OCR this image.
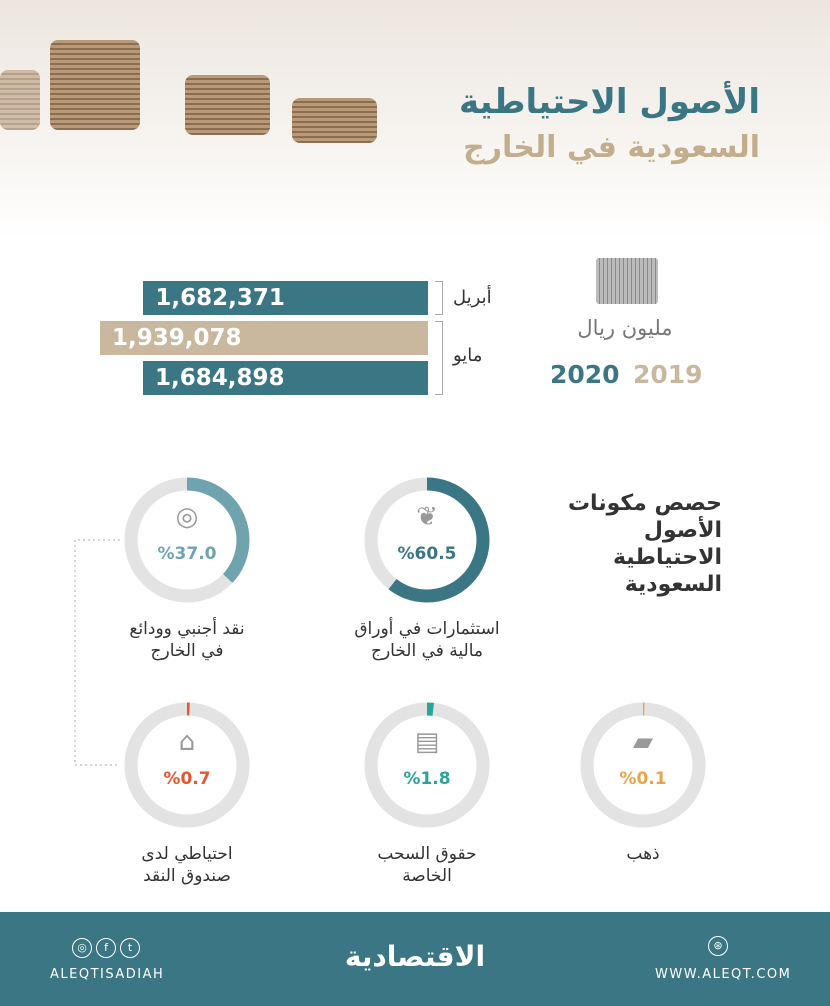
الأصول الاحتياطية
السعودية في الخارج
مليون ريال
2019
2020
1,682,371
1,939,078
1,684,898
أبريل
مايو
حصص مكونات
الأصول الاحتياطية
السعودية
❦
%60.5
استثمارات في أوراق
مالية في الخارج
◎
%37.0
نقد أجنبي وودائع
في الخارج
▰
%0.1
ذهب
▤
%1.8
حقوق السحب
الخاصة
⌂
%0.7
احتياطي لدى
صندوق النقد
◎ f t
ALEQTISADIAH
الاقتصادية	⊛
WWW.ALEQT.COM
